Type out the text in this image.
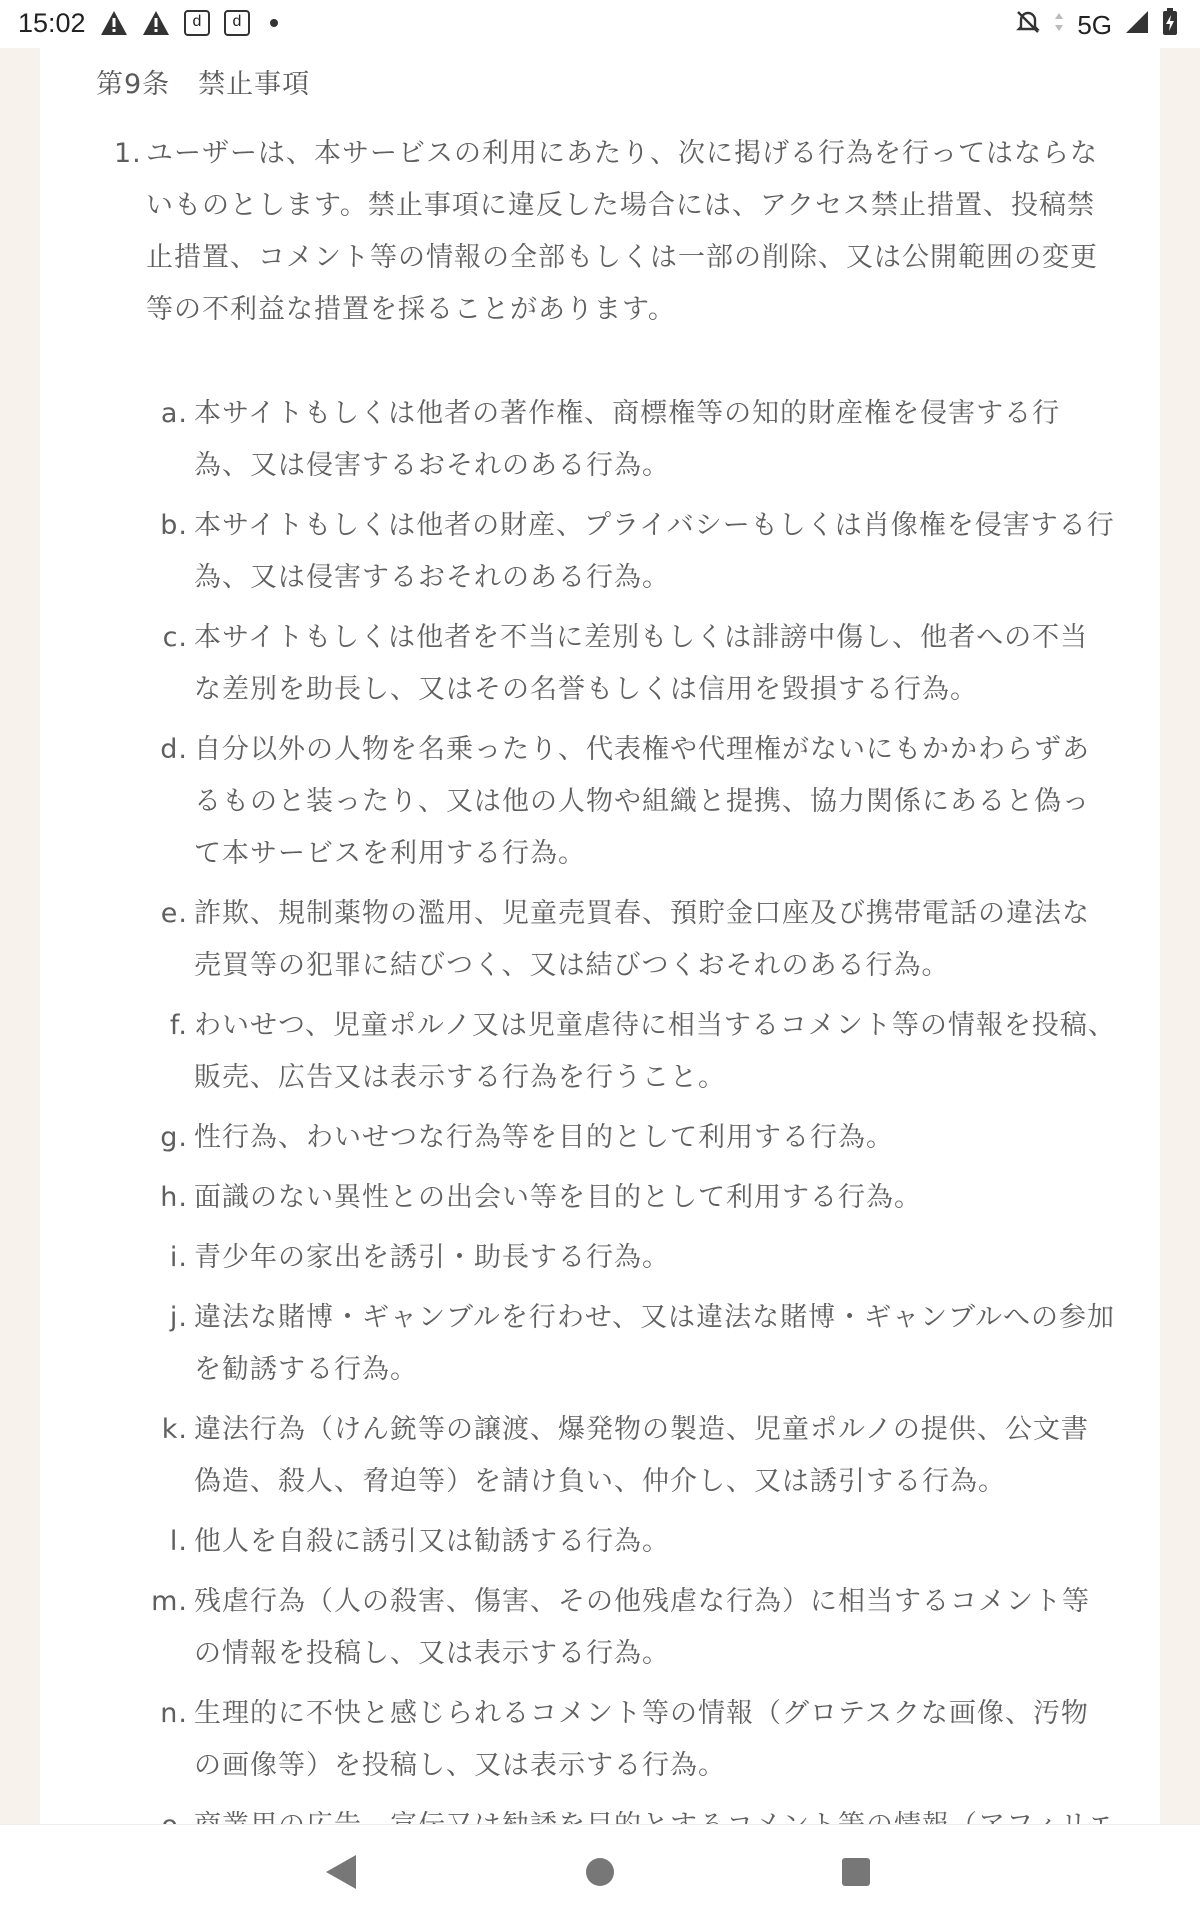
15:02	d	d	5G
第9条　禁止事項
1. ユーザーは、本サービスの利用にあたり、次に掲げる行為を行ってはならないものとします。禁止事項に違反した場合には、アクセス禁止措置、投稿禁止措置、コメント等の情報の全部もしくは一部の削除、又は公開範囲の変更等の不利益な措置を採ることがあります。
a. 本サイトもしくは他者の著作権、商標権等の知的財産権を侵害する行為、又は侵害するおそれのある行為。
b. 本サイトもしくは他者の財産、プライバシーもしくは肖像権を侵害する行為、又は侵害するおそれのある行為。
c. 本サイトもしくは他者を不当に差別もしくは誹謗中傷し、他者への不当な差別を助長し、又はその名誉もしくは信用を毀損する行為。
d. 自分以外の人物を名乗ったり、代表権や代理権がないにもかかわらずあるものと装ったり、又は他の人物や組織と提携、協力関係にあると偽って本サービスを利用する行為。
e. 詐欺、規制薬物の濫用、児童売買春、預貯金口座及び携帯電話の違法な売買等の犯罪に結びつく、又は結びつくおそれのある行為。
f. わいせつ、児童ポルノ又は児童虐待に相当するコメント等の情報を投稿、販売、広告又は表示する行為を行うこと。
g. 性行為、わいせつな行為等を目的として利用する行為。
h. 面識のない異性との出会い等を目的として利用する行為。
i. 青少年の家出を誘引・助長する行為。
j. 違法な賭博・ギャンブルを行わせ、又は違法な賭博・ギャンブルへの参加を勧誘する行為。
k. 違法行為（けん銃等の譲渡、爆発物の製造、児童ポルノの提供、公文書偽造、殺人、脅迫等）を請け負い、仲介し、又は誘引する行為。
l. 他人を自殺に誘引又は勧誘する行為。
m. 残虐行為（人の殺害、傷害、その他残虐な行為）に相当するコメント等の情報を投稿し、又は表示する行為。
n. 生理的に不快と感じられるコメント等の情報（グロテスクな画像、汚物の画像等）を投稿し、又は表示する行為。
